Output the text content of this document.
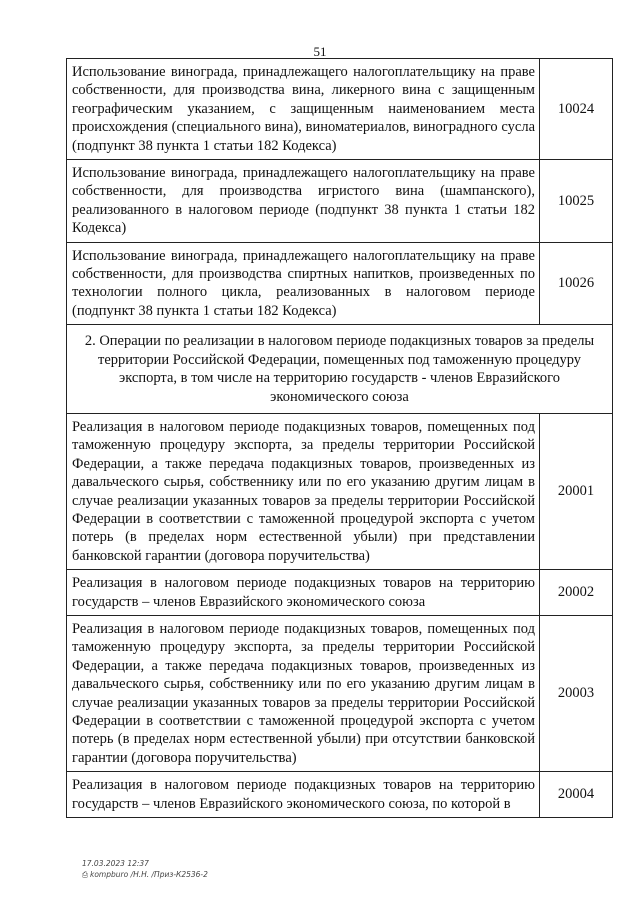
51
Использование винограда, принадлежащего налогоплательщику на праве собственности, для производства вина, ликерного вина с защищенным географическим указанием, с защищенным наименованием места происхождения (специального вина), виноматериалов, виноградного сусла (подпункт 38 пункта 1 статьи 182 Кодекса)	10024
Использование винограда, принадлежащего налогоплательщику на праве собственности, для производства игристого вина (шампанского), реализованного в налоговом периоде (подпункт 38 пункта 1 статьи 182 Кодекса)	10025
Использование винограда, принадлежащего налогоплательщику на праве собственности, для производства спиртных напитков, произведенных по технологии полного цикла, реализованных в налоговом периоде (подпункт 38 пункта 1 статьи 182 Кодекса)	10026
2. Операции по реализации в налоговом периоде подакцизных товаров за пределы территории Российской Федерации, помещенных под таможенную процедуру экспорта, в том числе на территорию государств - членов Евразийского экономического союза	
Реализация в налоговом периоде подакцизных товаров, помещенных под таможенную процедуру экспорта, за пределы территории Российской Федерации, а также передача подакцизных товаров, произведенных из давальческого сырья, собственнику или по его указанию другим лицам в случае реализации указанных товаров за пределы территории Российской Федерации в соответствии с таможенной процедурой экспорта с учетом потерь (в пределах норм естественной убыли) при представлении банковской гарантии (договора поручительства)	20001
Реализация в налоговом периоде подакцизных товаров на территорию государств – членов Евразийского экономического союза	20002
Реализация в налоговом периоде подакцизных товаров, помещенных под таможенную процедуру экспорта, за пределы территории Российской Федерации, а также передача подакцизных товаров, произведенных из давальческого сырья, собственнику или по его указанию другим лицам в случае реализации указанных товаров за пределы территории Российской Федерации в соответствии с таможенной процедурой экспорта с учетом потерь (в пределах норм естественной убыли) при отсутствии банковской гарантии (договора поручительства)	20003
Реализация в налоговом периоде подакцизных товаров на территорию государств – членов Евразийского экономического союза, по которой в	20004
17.03.2023 12:37
⎙ kompburo /Н.Н. /Приз-К2536-2
